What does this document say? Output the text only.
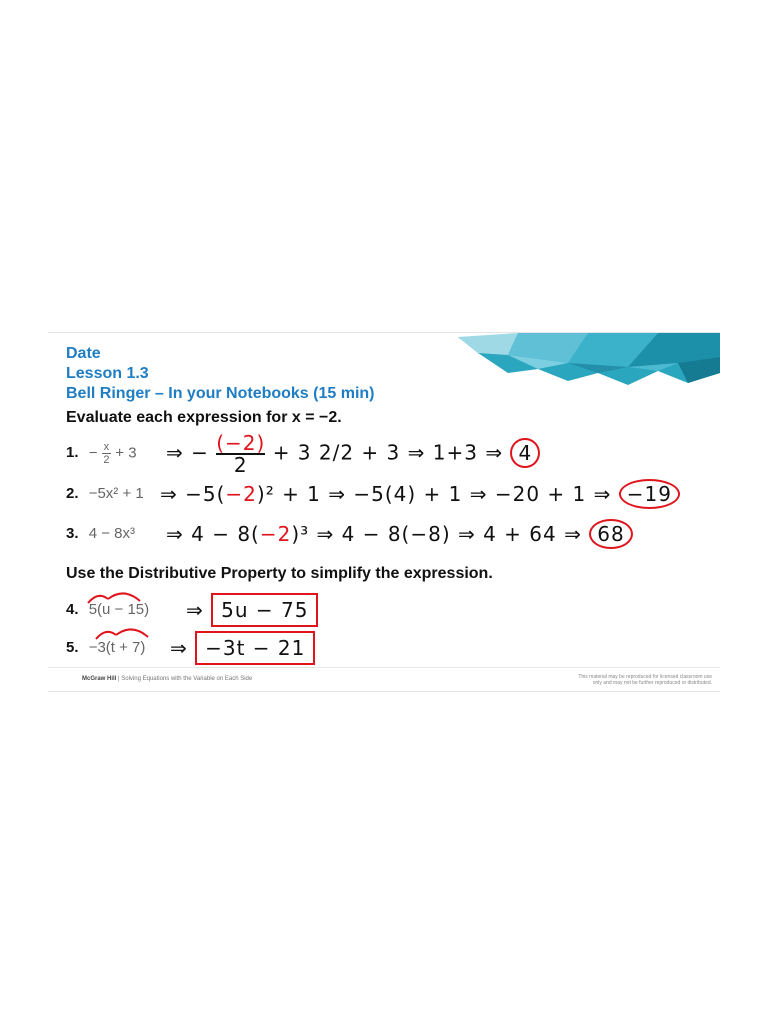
Date

Lesson 1.3

Bell Ringer – In your Notebooks (15 min)

Evaluate each expression for x = −2.
1. − $\frac{x}{2} + 3$ ⇒ − $\frac{(-2)}{2} + 3$ 2/2 + 3 ⇒ 1+3 ⇒ 4
2. −5x² + 1 ⇒ −5(−2)² + 1 ⇒ −5(4) + 1 ⇒ −20 + 1 ⇒ −19
3. 4 − 8x³ ⇒ 4 − 8(−2)³ ⇒ 4 − 8(−8) ⇒ 4 + 64 ⇒ 68
Use the Distributive Property to simplify the expression.
4. 5(u − 15) ⇒ 5u − 75
5. −3(t + 7) ⇒ −3t − 21
McGraw Hill | Solving Equations with the Variable on Each Side	This material may be reproduced for licensed classroom use
only and may not be further reproduced or distributed.
